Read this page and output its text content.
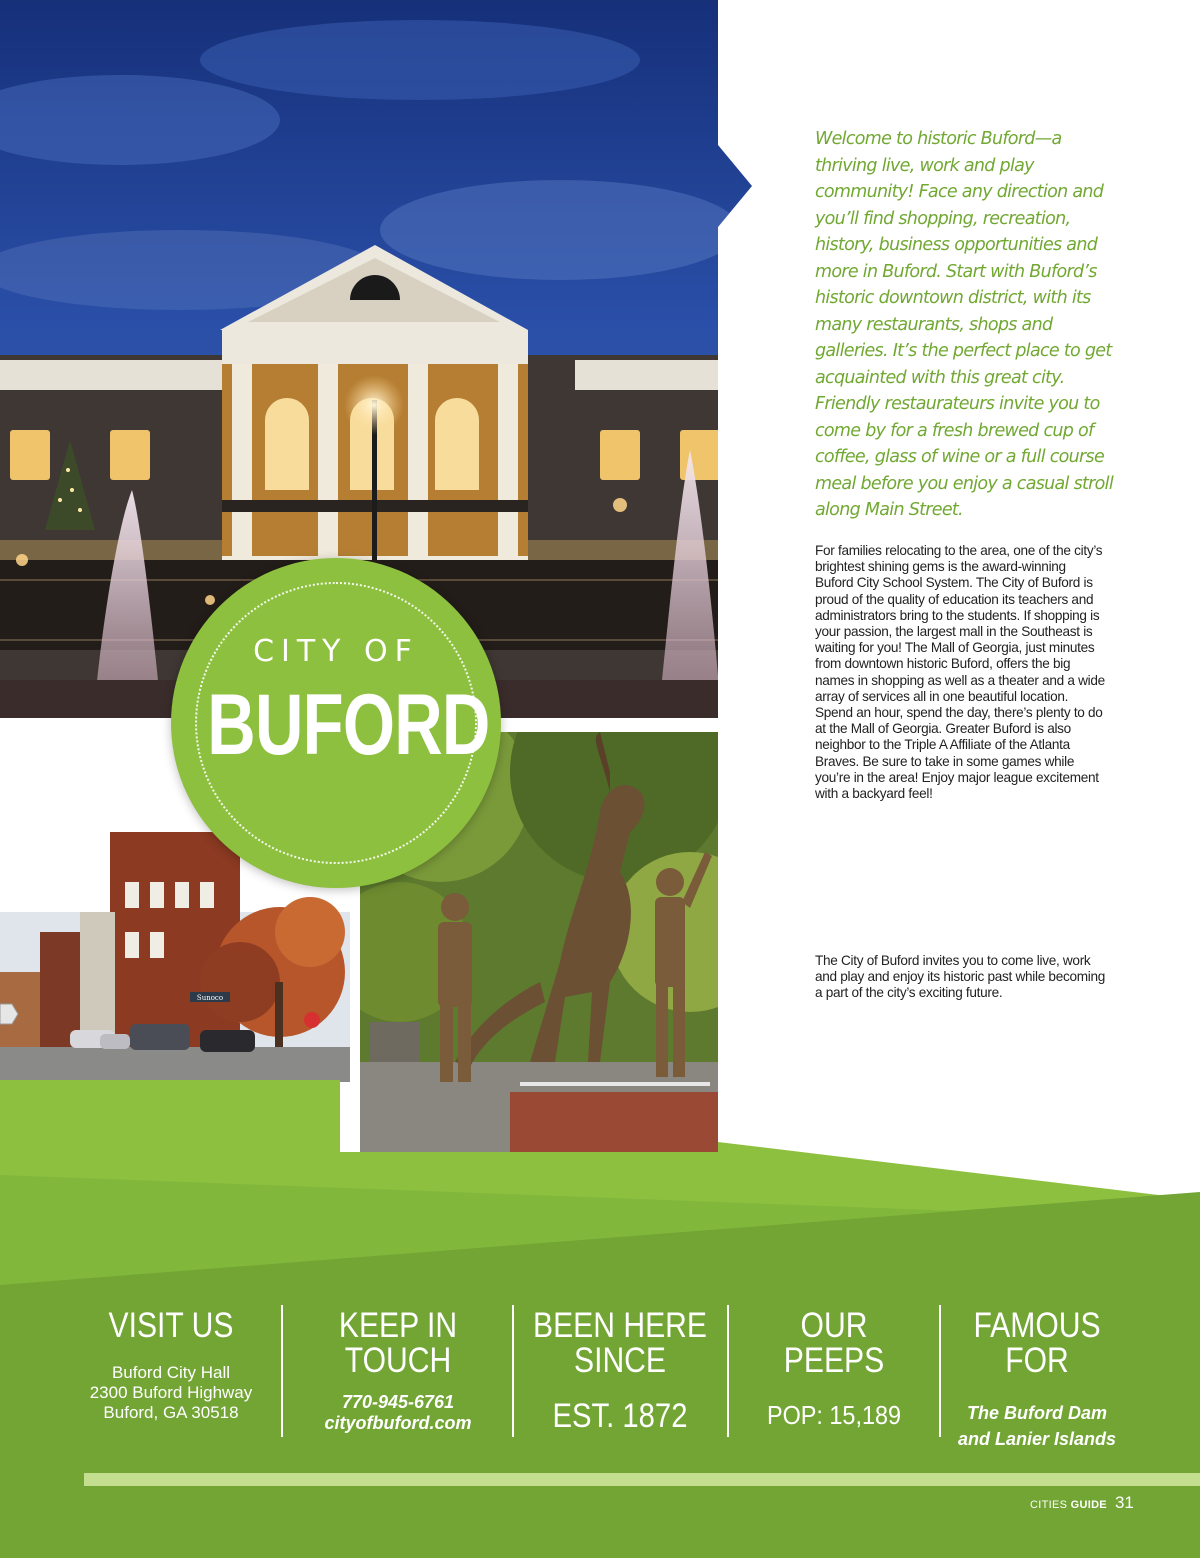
Sunoco
CITY OF
BUFORD

Welcome to historic Buford—a thriving live, work and play community! Face any direction and you’ll find shopping, recreation, history, business opportunities and more in Buford. Start with Buford’s historic downtown district, with its many restaurants, shops and galleries. It’s the perfect place to get acquainted with this great city. Friendly restaurateurs invite you to come by for a fresh brewed cup of coffee, glass of wine or a full course meal before you enjoy a casual stroll along Main Street.

For families relocating to the area, one of the city’s brightest shining gems is the award-winning Buford City School System. The City of Buford is proud of the quality of education its teachers and administrators bring to the students. If shopping is your passion, the largest mall in the Southeast is waiting for you! The Mall of Georgia, just minutes from downtown historic Buford, offers the big names in shopping as well as a theater and a wide array of services all in one beautiful location. Spend an hour, spend the day, there’s plenty to do at the Mall of Georgia. Greater Buford is also neighbor to the Triple A Affiliate of the Atlanta Braves. Be sure to take in some games while you’re in the area! Enjoy major league excitement with a backyard feel!

The City of Buford invites you to come live, work and play and enjoy its historic past while becoming a part of the city’s exciting future.

VISIT US
Buford City Hall
2300 Buford Highway
Buford, GA 30518
KEEP IN
TOUCH
770-945-6761
cityofbuford.com
BEEN HERE
SINCE
EST. 1872
OUR
PEEPS
POP: 15,189
FAMOUS
FOR
The Buford Dam
and Lanier Islands
CITIES GUIDE 31
